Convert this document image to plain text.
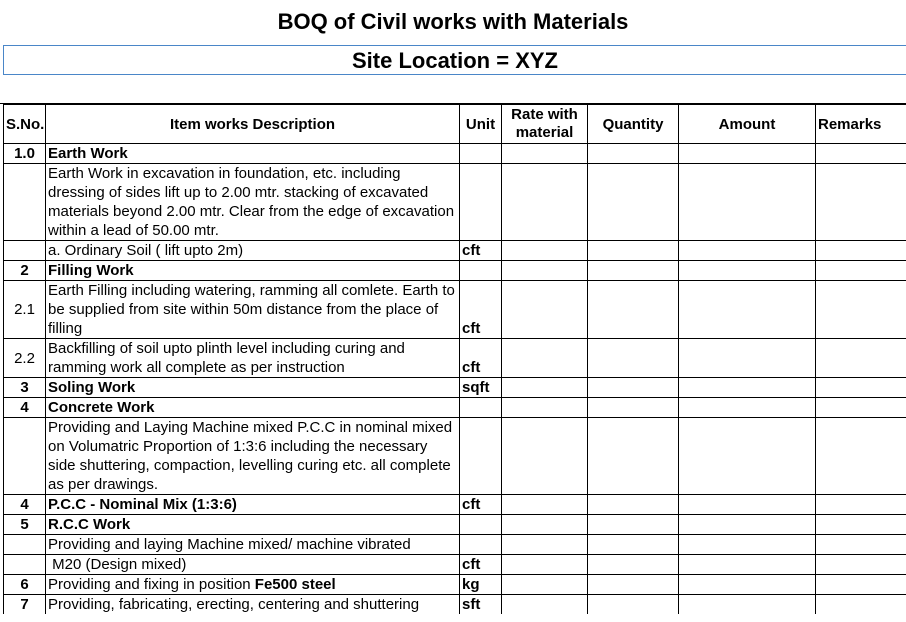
BOQ of Civil works with Materials
Site Location = XYZ
S.No.	Item works Description	Unit	Rate with material	Quantity	Amount	Remarks
1.0	Earth Work					
	Earth Work in excavation in foundation, etc. including dressing of sides lift up to 2.00 mtr. stacking of excavated materials beyond 2.00 mtr. Clear from the edge of excavation within a lead of 50.00 mtr.					
	a. Ordinary Soil ( lift upto 2m)	cft				
2	Filling Work					
2.1	Earth Filling including watering, ramming all comlete. Earth to be supplied from site within 50m distance from the place of filling	cft				
2.2	Backfilling of soil upto plinth level including curing and ramming work all complete as per instruction	cft				
3	Soling Work	sqft				
4	Concrete Work					
	Providing and Laying Machine mixed P.C.C in nominal mixed on Volumatric Proportion of 1:3:6 including the necessary side shuttering, compaction, levelling curing etc. all complete as per drawings.					
4	P.C.C - Nominal Mix (1:3:6)	cft				
5	R.C.C Work					
	Providing and laying Machine mixed/ machine vibrated					
	M20 (Design mixed)	cft				
6	Providing and fixing in position Fe500 steel	kg				
7	Providing, fabricating, erecting, centering and shuttering	sft				
